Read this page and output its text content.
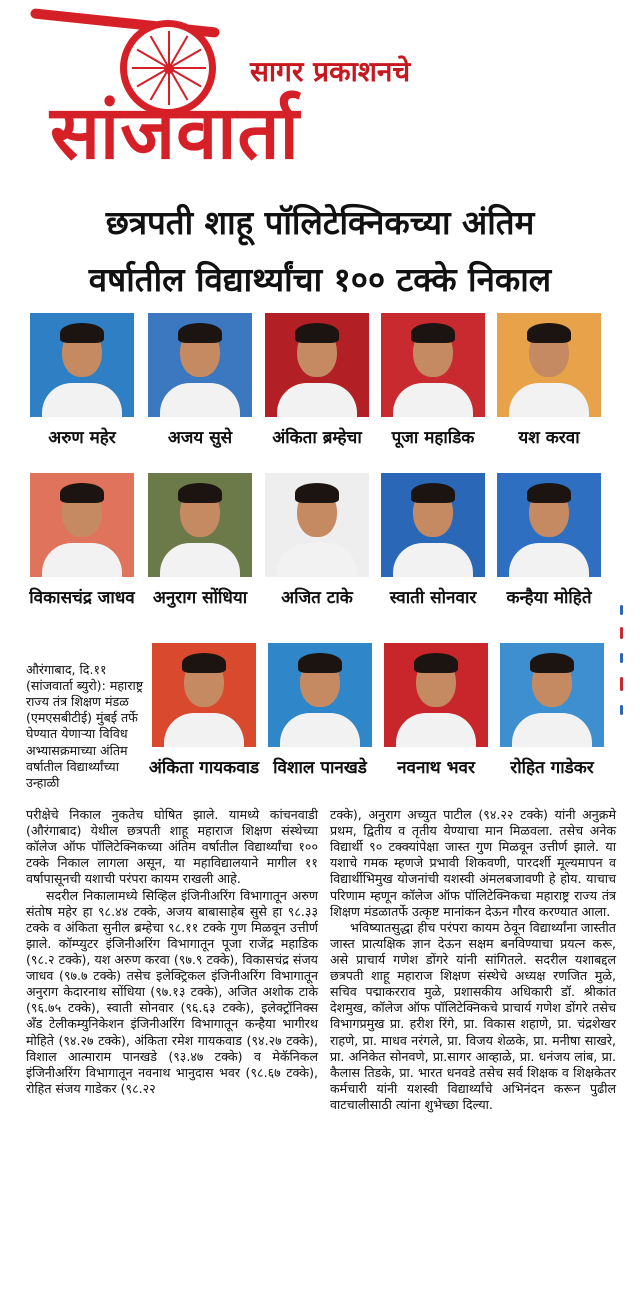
सागर प्रकाशनचे
सांजवार्ता
छत्रपती शाहू पॉलिटेक्निकच्या अंतिम
वर्षातील विद्यार्थ्यांचा १०० टक्के निकाल
अरुण महेर	अजय सुसे	अंकिता ब्रम्हेचा	पूजा महाडिक	यश करवा
विकासचंद्र जाधव	अनुराग सोंधिया	अजित टाके	स्वाती सोनवार	कन्हैया मोहिते
अंकिता गायकवाड विशाल पानखडे	नवनाथ भवर	रोहित गाडेकर

औरंगाबाद, दि.११ (सांजवार्ता ब्युरो): महाराष्ट्र राज्य तंत्र शिक्षण मंडळ (एमएसबीटीई) मुंबई तर्फे घेण्यात येणाऱ्या विविध अभ्यासक्रमाच्या अंतिम वर्षातील विद्यार्थ्यांच्या उन्हाळी

परीक्षेचे निकाल नुकतेच घोषित झाले. यामध्ये कांचनवाडी (औरंगाबाद) येथील छत्रपती शाहू महाराज शिक्षण संस्थेच्या कॉलेज ऑफ पॉलिटेक्निकच्या अंतिम वर्षातील विद्यार्थ्यांचा १०० टक्के निकाल लागला असून, या महाविद्यालयाने मागील ११ वर्षापासूनची यशाची परंपरा कायम राखली आहे.

सदरील निकालामध्ये सिव्हिल इंजिनीअरिंग विभागातून अरुण संतोष महेर हा ९८.४४ टक्के, अजय बाबासाहेब सुसे हा ९८.३३ टक्के व अंकिता सुनील ब्रम्हेचा ९८.११ टक्के गुण मिळवून उत्तीर्ण झाले. कॉम्प्युटर इंजिनीअरिंग विभागातून पूजा राजेंद्र महाडिक (९८.२ टक्के), यश अरुण करवा (९७.९ टक्के), विकासचंद्र संजय जाधव (९७.७ टक्के) तसेच इलेक्ट्रिकल इंजिनीअरिंग विभागातून अनुराग केदारनाथ सोंधिया (९७.१३ टक्के), अजित अशोक टाके (९६.७५ टक्के), स्वाती सोनवार (९६.६३ टक्के), इलेक्ट्रॉनिक्स अँड टेलीकम्युनिकेशन इंजिनीअरिंग विभागातून कन्हैया भागीरथ मोहिते (९४.२७ टक्के), अंकिता रमेश गायकवाड (९४.२७ टक्के), विशाल आत्माराम पानखडे (९३.४७ टक्के) व मेकॅनिकल इंजिनीअरिंग विभागातून नवनाथ भानुदास भवर (९८.६७ टक्के), रोहित संजय गाडेकर (९८.२२

टक्के), अनुराग अच्युत पाटील (९४.२२ टक्के) यांनी अनुक्रमे प्रथम, द्वितीय व तृतीय येण्याचा मान मिळवला. तसेच अनेक विद्यार्थी ९० टक्क्यांपेक्षा जास्त गुण मिळवून उत्तीर्ण झाले. या यशाचे गमक म्हणजे प्रभावी शिकवणी, पारदर्शी मूल्यमापन व विद्यार्थीभिमुख योजनांची यशस्वी अंमलबजावणी हे होय. याचाच परिणाम म्हणून कॉलेज ऑफ पॉलिटेक्निकचा महाराष्ट्र राज्य तंत्र शिक्षण मंडळातर्फे उत्कृष्ट मानांकन देऊन गौरव करण्यात आला.

भविष्यातसुद्धा हीच परंपरा कायम ठेवून विद्यार्थ्यांना जास्तीत जास्त प्रात्यक्षिक ज्ञान देऊन सक्षम बनविण्याचा प्रयत्न करू, असे प्राचार्य गणेश डोंगरे यांनी सांगितले. सदरील यशाबद्दल छत्रपती शाहू महाराज शिक्षण संस्थेचे अध्यक्ष रणजित मुळे, सचिव पद्माकरराव मुळे, प्रशासकीय अधिकारी डॉ. श्रीकांत देशमुख, कॉलेज ऑफ पॉलिटेक्निकचे प्राचार्य गणेश डोंगरे तसेच विभागप्रमुख प्रा. हरीश रिंगे, प्रा. विकास शहाणे, प्रा. चंद्रशेखर राहणे, प्रा. माधव नरंगले, प्रा. विजय शेळके, प्रा. मनीषा साखरे, प्रा. अनिकेत सोनवणे, प्रा.सागर आव्हाळे, प्रा. धनंजय लांब, प्रा. कैलास तिडके, प्रा. भारत धनवडे तसेच सर्व शिक्षक व शिक्षकेतर कर्मचारी यांनी यशस्वी विद्यार्थ्यांचे अभिनंदन करून पुढील वाटचालीसाठी त्यांना शुभेच्छा दिल्या.
